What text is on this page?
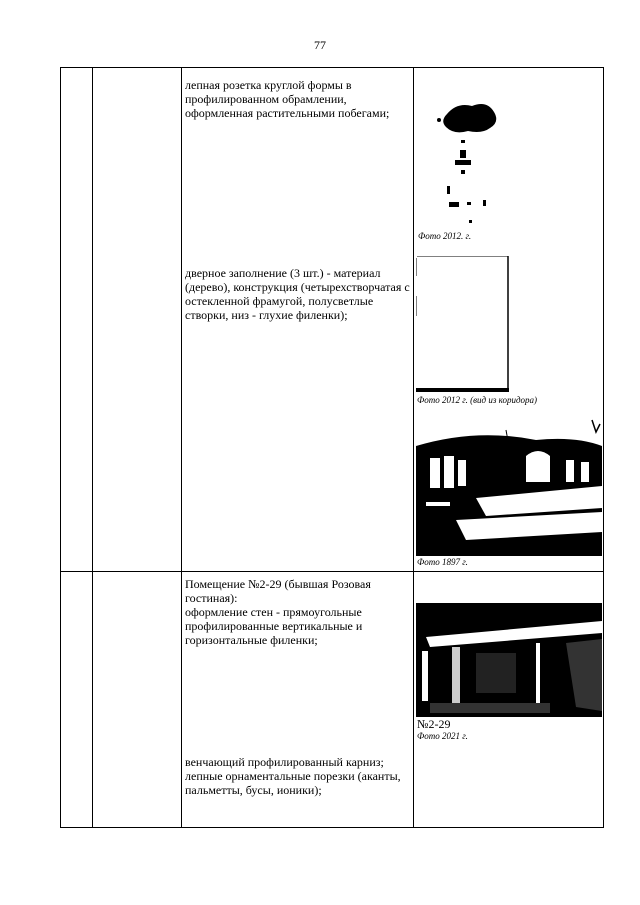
77
лепная розетка круглой формы в профилированном обрамлении, оформленная растительными побегами;
дверное заполнение (3 шт.) - материал (дерево), конструкция (четырехстворчатая с остекленной фрамугой, полусветлые створки, низ - глухие филенки);
Фото 2012. г.
Фото 2012 г. (вид из коридора)
Фото 1897 г.
Помещение №2-29 (бывшая Розовая гостиная):
оформление стен - прямоугольные профилированные вертикальные и горизонтальные филенки;
венчающий профилированный карниз; лепные орнаментальные порезки (аканты, пальметты, бусы, ионики);
№2-29
Фото 2021 г.
